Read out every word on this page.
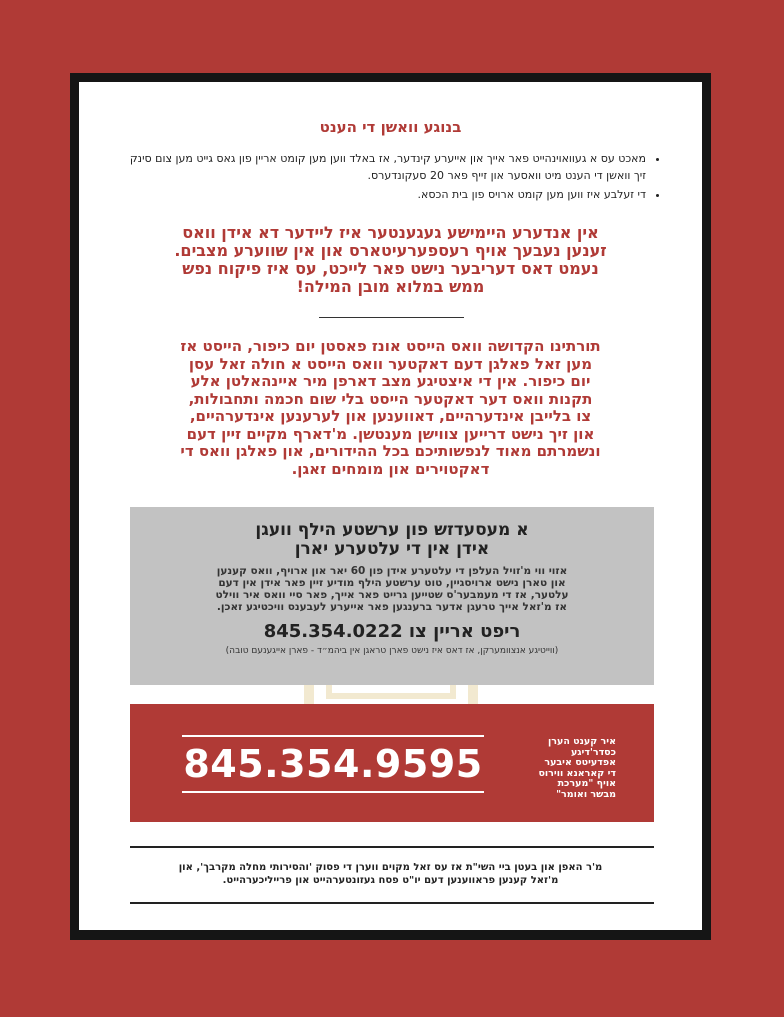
בנוגע וואשן די הענט
• מאכט עס א געוואוינהייט פאר אייך און אייערע קינדער, אז באלד ווען מען קומט אריין פון גאס גייט מען צום סינק זיך וואשן די הענט מיט וואסער און זייף פאר 20 סעקונדערס.
• די זעלבע איז ווען מען קומט ארויס פון בית הכסא.

אין אנדערע היימישע געגענטער איז ליידער דא אידן וואס
זענען נעבעך אויף רעספערעיטארס און אין שווערע מצבים.
נעמט דאס דעריבער נישט פאר לייכט, עס איז פיקוח נפש
ממש במלוא מובן המילה!

תורתינו הקדושה וואס הייסט אונז פאסטן יום כיפור, הייסט אז
מען זאל פאלגן דעם דאקטער וואס הייסט א חולה זאל עסן
יום כיפור. אין די איצטיגע מצב דארפן מיר איינהאלטן אלע
תקנות וואס דער דאקטער הייסט בלי שום חכמה ותחבולות,
צו בלייבן אינדערהיים, דאווענען און לערענען אינדערהיים,
און זיך נישט דרייען צווישן מענטשן. מ'דארף מקיים זיין דעם
ונשמרתם מאוד לנפשותיכם בכל ההידורים, און פאלגן וואס די
דאקטוירים און מומחים זאגן.

א מעסעדזש פון ערשטע הילף וועגן
אידן אין די עלטערע יארן
אזוי ווי מ'זויל העלפן די עלטערע אידן פון 60 יאר און ארויף, וואס קענען
און טארן נישט ארויסגיין, טוט ערשטע הילף מודיע זיין פאר אידן אין דעם
עלטער, אז די מעמבער'ס שטייען גרייט פאר אייך, פאר סיי וואס איר ווילט
אז מ'זאל אייך טרעגן אדער ברענגען פאר אייערע לעבענס וויכטיגע זאכן.
ריפט אריין צו 845.354.0222
(ווייטיגע אנצוומערקן, אז דאס איז נישט פארן טראגן אין ביהמ״ד - פארן אייגענעם טובה)
איר קענט הערן
כסדר'דיגע
אפדעיטס איבער
די קאראנא ווירוס
אויף "מערכת
מבשר ואומר"
845.354.9595

מ'ר האפן און בעטן ביי השי"ת אז עס זאל מקוים ווערן די פסוק 'והסירותי מחלה מקרבך', און
מ'זאל קענען פראווענען דעם יו"ט פסח געזונטערהייט און פרייליכערהייט.
